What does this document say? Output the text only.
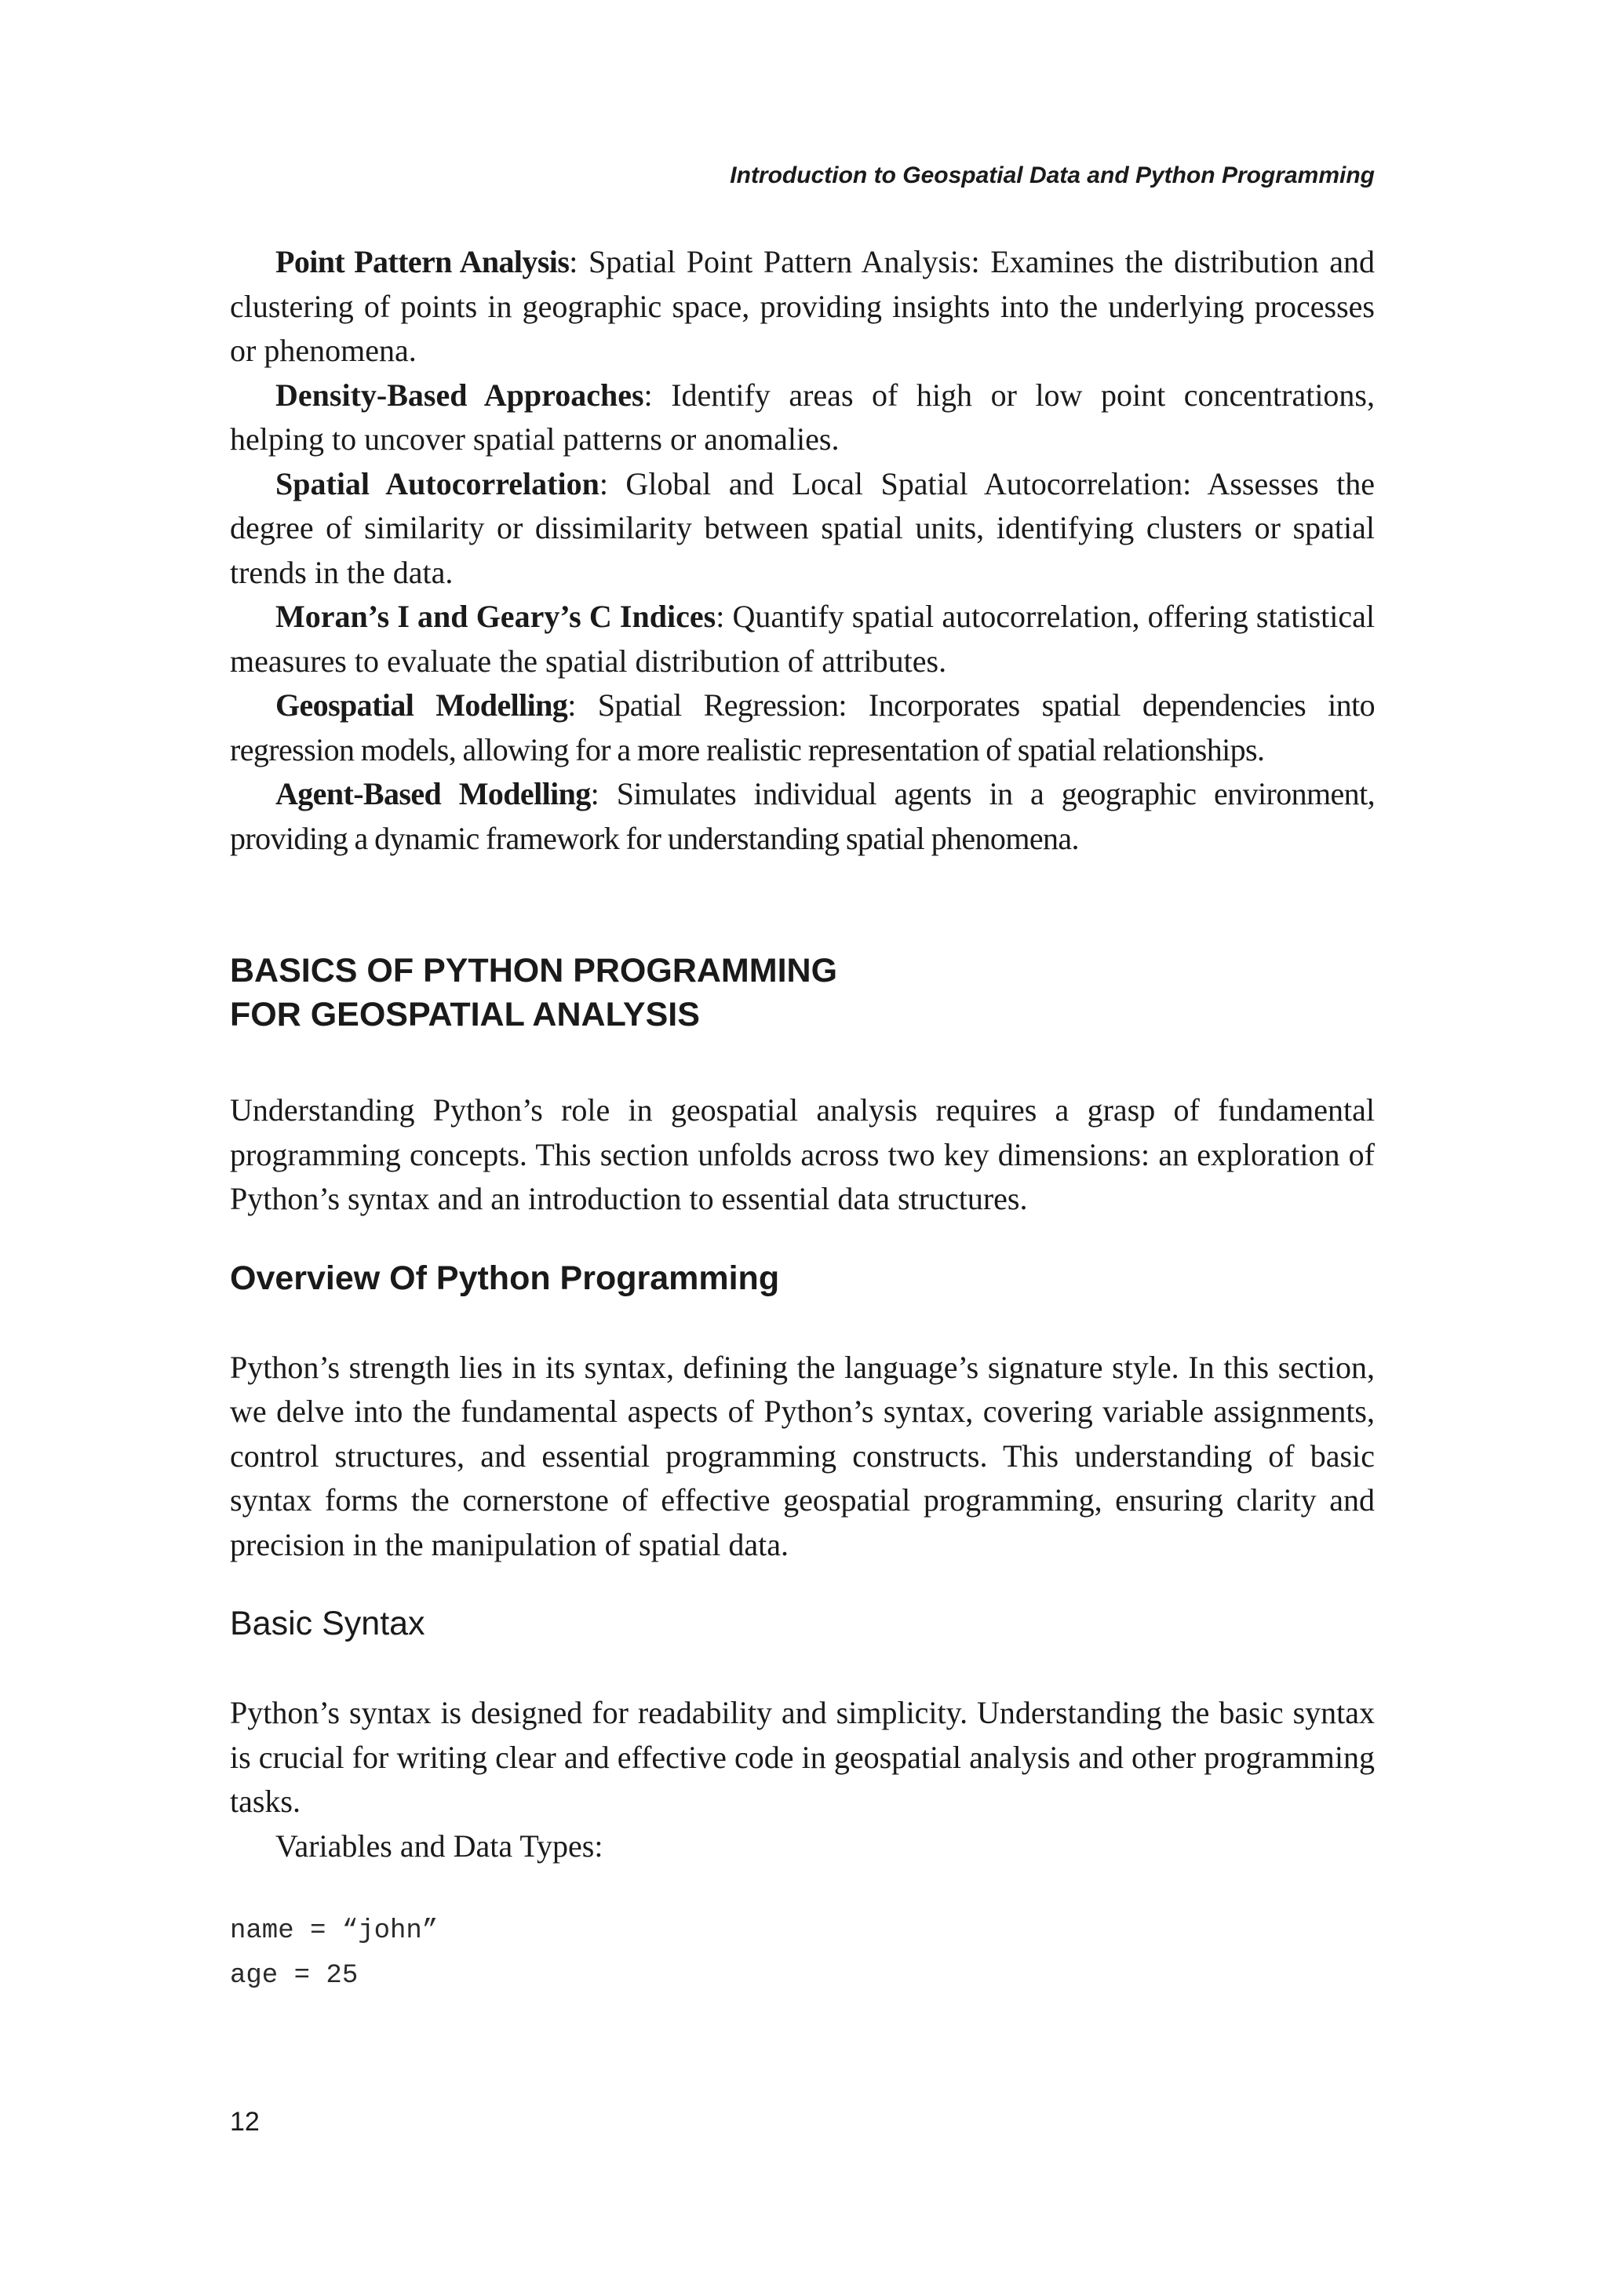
Introduction to Geospatial Data and Python Programming

Point Pattern Analysis: Spatial Point Pattern Analysis: Examines the distribution and clustering of points in geographic space, providing insights into the underlying processes or phenomena.

Density-Based Approaches: Identify areas of high or low point concentrations, helping to uncover spatial patterns or anomalies.

Spatial Autocorrelation: Global and Local Spatial Autocorrelation: Assesses the degree of similarity or dissimilarity between spatial units, identifying clusters or spatial trends in the data.

Moran’s I and Geary’s C Indices: Quantify spatial autocorrelation, offering statistical measures to evaluate the spatial distribution of attributes.

Geospatial Modelling: Spatial Regression: Incorporates spatial dependencies into regression models, allowing for a more realistic representation of spatial relationships.

Agent-Based Modelling: Simulates individual agents in a geographic environment, providing a dynamic framework for understanding spatial phenomena.

BASICS OF PYTHON PROGRAMMING
FOR GEOSPATIAL ANALYSIS

Understanding Python’s role in geospatial analysis requires a grasp of fundamental programming concepts. This section unfolds across two key dimensions: an exploration of Python’s syntax and an introduction to essential data structures.

Overview Of Python Programming

Python’s strength lies in its syntax, defining the language’s signature style. In this section, we delve into the fundamental aspects of Python’s syntax, covering variable assignments, control structures, and essential programming constructs. This understanding of basic syntax forms the cornerstone of effective geospatial programming, ensuring clarity and precision in the manipulation of spatial data.

Basic Syntax

Python’s syntax is designed for readability and simplicity. Understanding the basic syntax is crucial for writing clear and effective code in geospatial analysis and other programming tasks.

Variables and Data Types:

name = “john”
age = 25
12
